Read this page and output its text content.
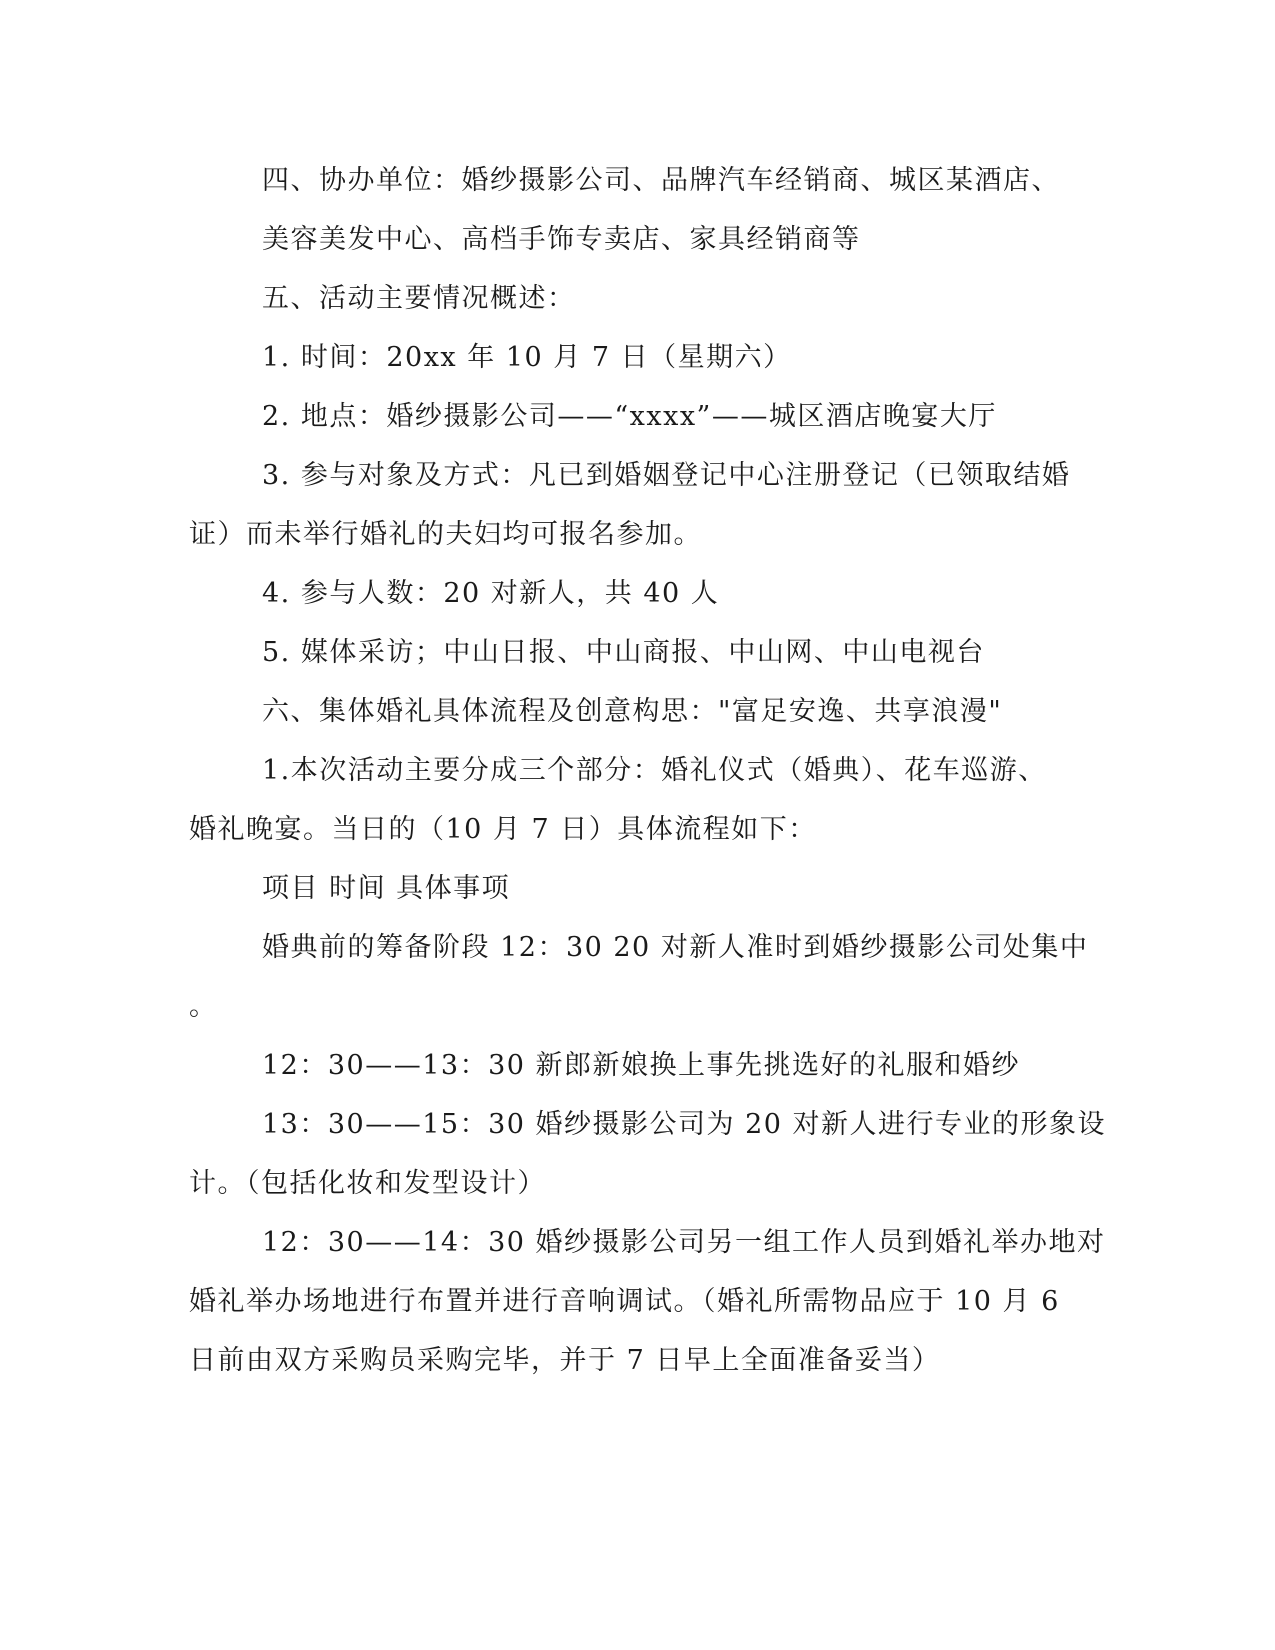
四、协办单位：婚纱摄影公司、品牌汽车经销商、城区某酒店、
美容美发中心、高档手饰专卖店、家具经销商等
五、活动主要情况概述：
1. 时间：20xx 年 10 月 7 日（星期六）
2. 地点：婚纱摄影公司——“xxxx”——城区酒店晚宴大厅
3. 参与对象及方式：凡已到婚姻登记中心注册登记（已领取结婚
证）而未举行婚礼的夫妇均可报名参加。
4. 参与人数：20 对新人，共 40 人
5. 媒体采访；中山日报、中山商报、中山网、中山电视台
六、集体婚礼具体流程及创意构思："富足安逸、共享浪漫"
1.本次活动主要分成三个部分：婚礼仪式（婚典）、花车巡游、
婚礼晚宴。当日的（10 月 7 日）具体流程如下：
项目 时间 具体事项
婚典前的筹备阶段 12：30 20 对新人准时到婚纱摄影公司处集中
。
12：30——13：30 新郎新娘换上事先挑选好的礼服和婚纱
13：30——15：30 婚纱摄影公司为 20 对新人进行专业的形象设
计。（包括化妆和发型设计）
12：30——14：30 婚纱摄影公司另一组工作人员到婚礼举办地对
婚礼举办场地进行布置并进行音响调试。（婚礼所需物品应于 10 月 6
日前由双方采购员采购完毕，并于 7 日早上全面准备妥当）
